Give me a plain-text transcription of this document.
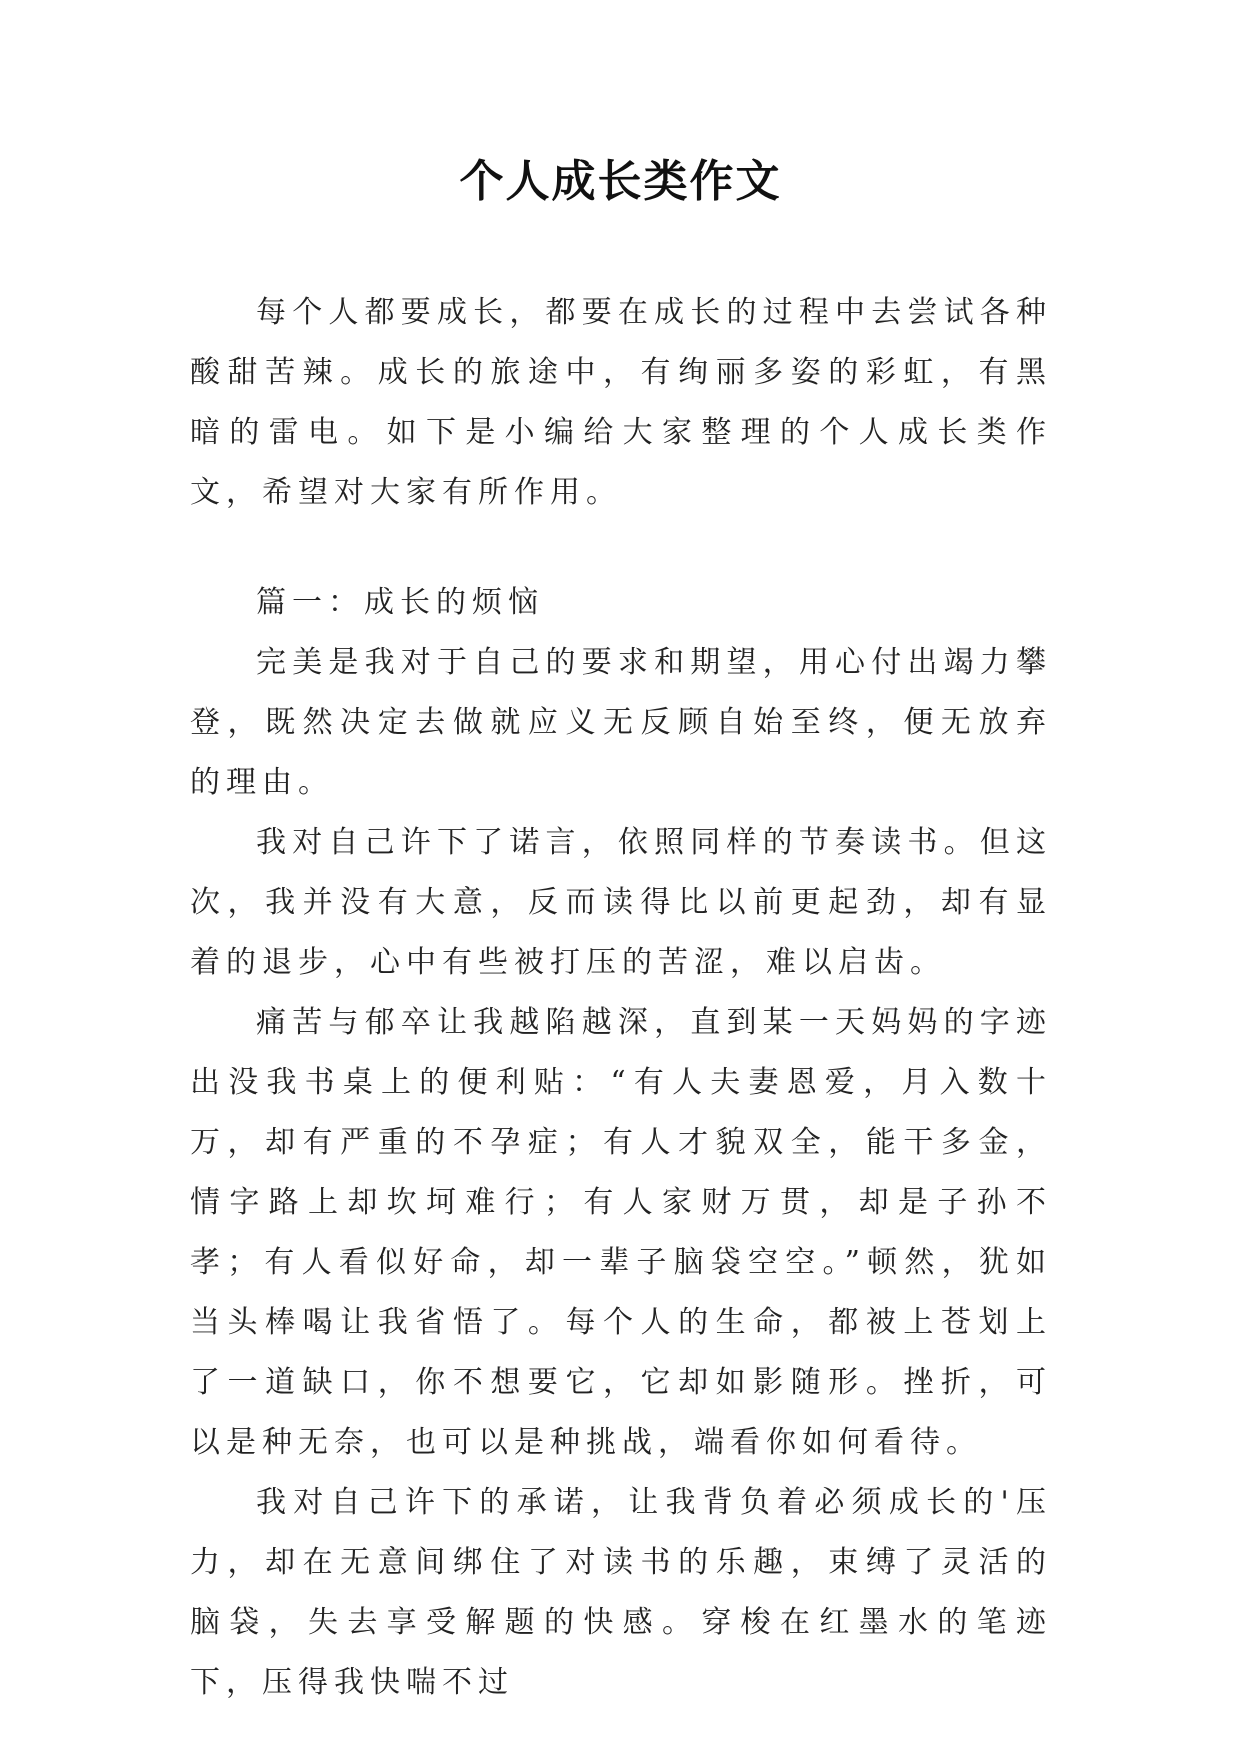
个人成长类作文

每个人都要成长，都要在成长的过程中去尝试各种酸甜苦辣。成长的旅途中，有绚丽多姿的彩虹，有黑暗的雷电。如下是小编给大家整理的个人成长类作文，希望对大家有所作用。

篇一：成长的烦恼

完美是我对于自己的要求和期望，用心付出竭力攀登，既然决定去做就应义无反顾自始至终，便无放弃的理由。

我对自己许下了诺言，依照同样的节奏读书。但这次，我并没有大意，反而读得比以前更起劲，却有显着的退步，心中有些被打压的苦涩，难以启齿。

痛苦与郁卒让我越陷越深，直到某一天妈妈的字迹出没我书桌上的便利贴：“有人夫妻恩爱，月入数十万，却有严重的不孕症；有人才貌双全，能干多金，情字路上却坎坷难行；有人家财万贯，却是子孙不孝；有人看似好命，却一辈子脑袋空空。”顿然，犹如当头棒喝让我省悟了。每个人的生命，都被上苍划上了一道缺口，你不想要它，它却如影随形。挫折，可以是种无奈，也可以是种挑战，端看你如何看待。

我对自己许下的承诺，让我背负着必须成长的'压力，却在无意间绑住了对读书的乐趣，束缚了灵活的脑袋，失去享受解题的快感。穿梭在红墨水的笔迹下，压得我快喘不过
